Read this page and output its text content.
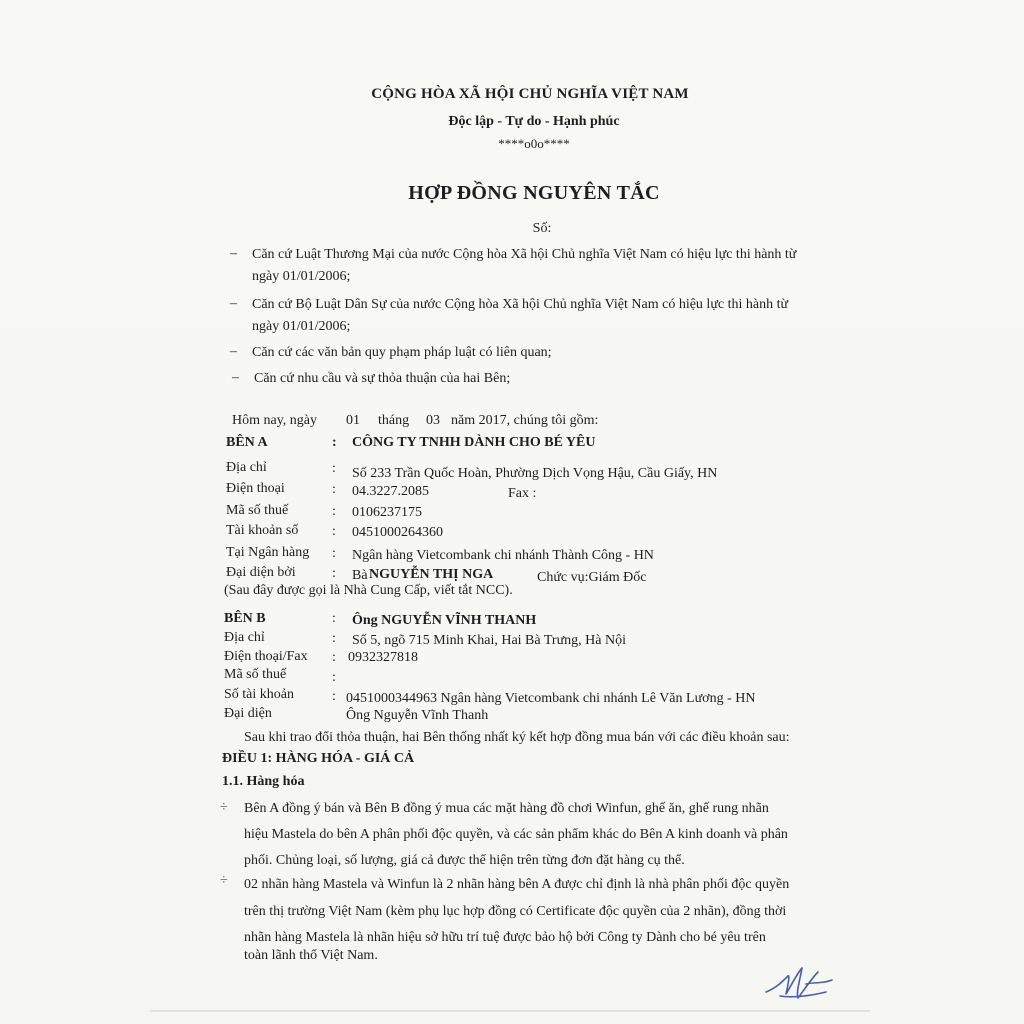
CỘNG HÒA XÃ HỘI CHỦ NGHĨA VIỆT NAM
Độc lập - Tự do - Hạnh phúc
****o0o****
HỢP ĐỒNG NGUYÊN TẮC
Số:
– Căn cứ Luật Thương Mại của nước Cộng hòa Xã hội Chủ nghĩa Việt Nam có hiệu lực thi hành từ
ngày 01/01/2006;
– Căn cứ Bộ Luật Dân Sự của nước Cộng hòa Xã hội Chủ nghĩa Việt Nam có hiệu lực thi hành từ
ngày 01/01/2006;
– Căn cứ các văn bản quy phạm pháp luật có liên quan;
– Căn cứ nhu cầu và sự thỏa thuận của hai Bên;
Hôm nay, ngày 01 tháng 03 năm 2017, chúng tôi gồm:
BÊN A	: CÔNG TY TNHH DÀNH CHO BÉ YÊU
Địa chỉ	: Số 233 Trần Quốc Hoàn, Phường Dịch Vọng Hậu, Cầu Giấy, HN
Điện thoại	: 04.3227.2085	Fax :
Mã số thuế	: 0106237175
Tài khoản số : 0451000264360
Tại Ngân hàng : Ngân hàng Vietcombank chi nhánh Thành Công - HN
Đại diện bởi	: Bà NGUYỄN THỊ NGA	Chức vụ:Giám Đốc
(Sau đây được gọi là Nhà Cung Cấp, viết tắt NCC).
BÊN B	: Ông NGUYỄN VĨNH THANH
Địa chỉ	: Số 5, ngõ 715 Minh Khai, Hai Bà Trưng, Hà Nội
Điện thoại/Fax : 0932327818
Mã số thuế	:
Số tài khoản	: 0451000344963 Ngân hàng Vietcombank chi nhánh Lê Văn Lương - HN
Đại diện	Ông Nguyễn Vĩnh Thanh
Sau khi trao đổi thỏa thuận, hai Bên thống nhất ký kết hợp đồng mua bán với các điều khoản sau:
ĐIỀU 1: HÀNG HÓA - GIÁ CẢ
1.1. Hàng hóa
÷ Bên A đồng ý bán và Bên B đồng ý mua các mặt hàng đồ chơi Winfun, ghế ăn, ghế rung nhãn
hiệu Mastela do bên A phân phối độc quyền, và các sản phẩm khác do Bên A kinh doanh và phân
phối. Chủng loại, số lượng, giá cả được thể hiện trên từng đơn đặt hàng cụ thể.
÷ 02 nhãn hàng Mastela và Winfun là 2 nhãn hàng bên A được chỉ định là nhà phân phối độc quyền
trên thị trường Việt Nam (kèm phụ lục hợp đồng có Certificate độc quyền của 2 nhãn), đồng thời
nhãn hàng Mastela là nhãn hiệu sở hữu trí tuệ được bảo hộ bởi Công ty Dành cho bé yêu trên
toàn lãnh thổ Việt Nam.
